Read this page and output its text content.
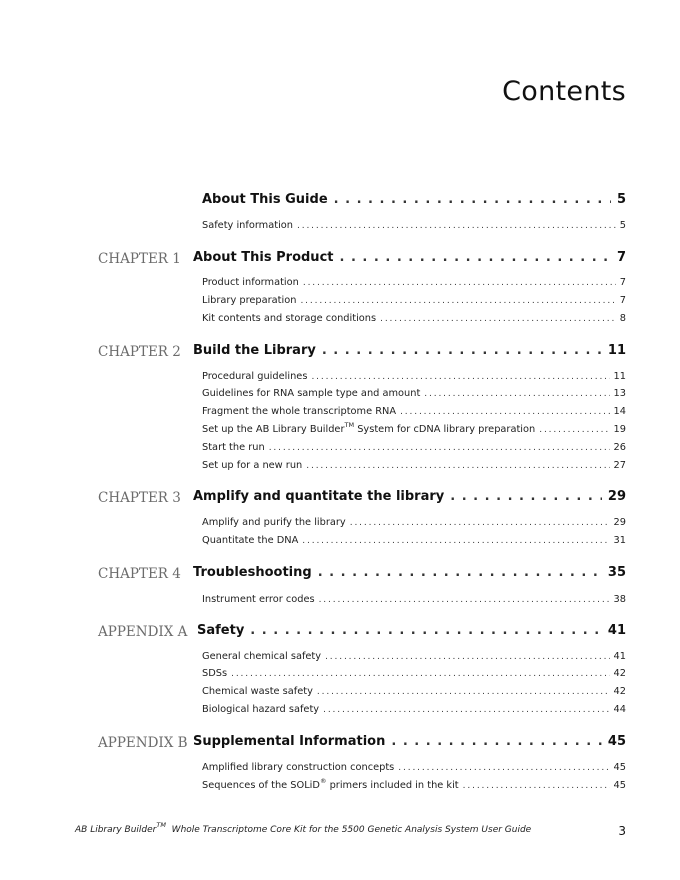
Contents
About This Guide . . .	5
Safety information . . .	5
CHAPTER 1 About This Product . . .	7
Product information . . .	7
Library preparation . . .	7
Kit contents and storage conditions . . .	8
CHAPTER 2 Build the Library . . .	11
Procedural guidelines . . .	11
Guidelines for RNA sample type and amount . . .	13
Fragment the whole transcriptome RNA . . .	14
Set up the AB Library Builder™ System for cDNA library preparation . . .	19
Start the run . . .	26
Set up for a new run . . .	27
CHAPTER 3 Amplify and quantitate the library . . .	29
Amplify and purify the library . . .	29
Quantitate the DNA . . .	31
CHAPTER 4 Troubleshooting . . .	35
Instrument error codes . . .	38
APPENDIX A Safety . . .	41
General chemical safety . . .	41
SDSs . . .	42
Chemical waste safety . . .	42
Biological hazard safety . . .	44
APPENDIX B Supplemental Information . . .	45
Amplified library construction concepts . . .	45
Sequences of the SOLiD® primers included in the kit . . .	45
AB Library Builder™  Whole Transcriptome Core Kit for the 5500 Genetic Analysis System User Guide	3
